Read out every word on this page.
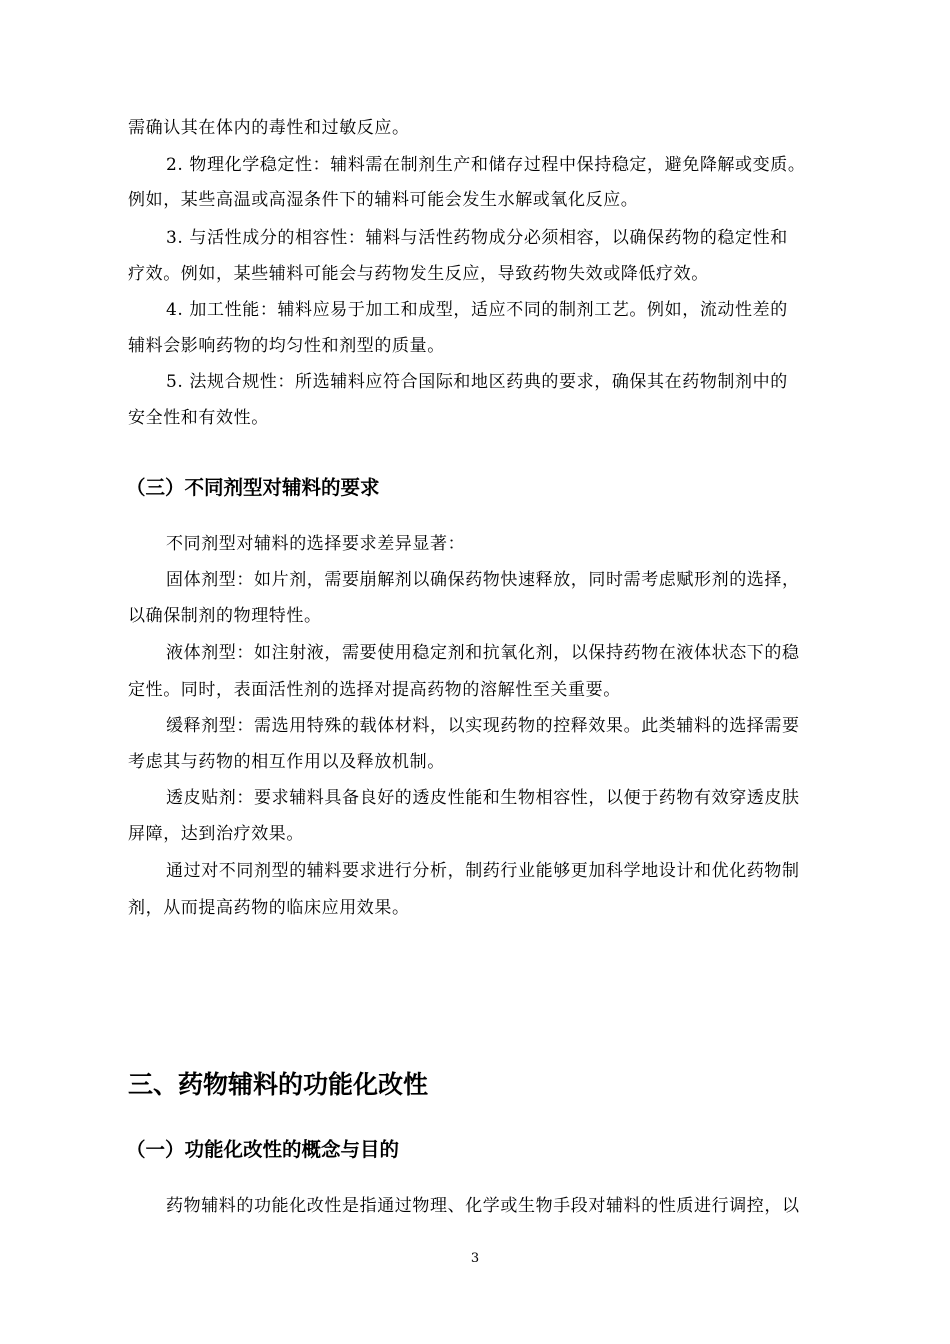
需确认其在体内的毒性和过敏反应。
2. 物理化学稳定性：辅料需在制剂生产和储存过程中保持稳定，避免降解或变质。
例如，某些高温或高湿条件下的辅料可能会发生水解或氧化反应。
3. 与活性成分的相容性：辅料与活性药物成分必须相容，以确保药物的稳定性和
疗效。例如，某些辅料可能会与药物发生反应，导致药物失效或降低疗效。
4. 加工性能：辅料应易于加工和成型，适应不同的制剂工艺。例如，流动性差的
辅料会影响药物的均匀性和剂型的质量。
5. 法规合规性：所选辅料应符合国际和地区药典的要求，确保其在药物制剂中的
安全性和有效性。
（三）不同剂型对辅料的要求
不同剂型对辅料的选择要求差异显著：
固体剂型：如片剂，需要崩解剂以确保药物快速释放，同时需考虑赋形剂的选择，
以确保制剂的物理特性。
液体剂型：如注射液，需要使用稳定剂和抗氧化剂，以保持药物在液体状态下的稳
定性。同时，表面活性剂的选择对提高药物的溶解性至关重要。
缓释剂型：需选用特殊的载体材料，以实现药物的控释效果。此类辅料的选择需要
考虑其与药物的相互作用以及释放机制。
透皮贴剂：要求辅料具备良好的透皮性能和生物相容性，以便于药物有效穿透皮肤
屏障，达到治疗效果。
通过对不同剂型的辅料要求进行分析，制药行业能够更加科学地设计和优化药物制
剂，从而提高药物的临床应用效果。
三、药物辅料的功能化改性
（一）功能化改性的概念与目的
药物辅料的功能化改性是指通过物理、化学或生物手段对辅料的性质进行调控，以
3
